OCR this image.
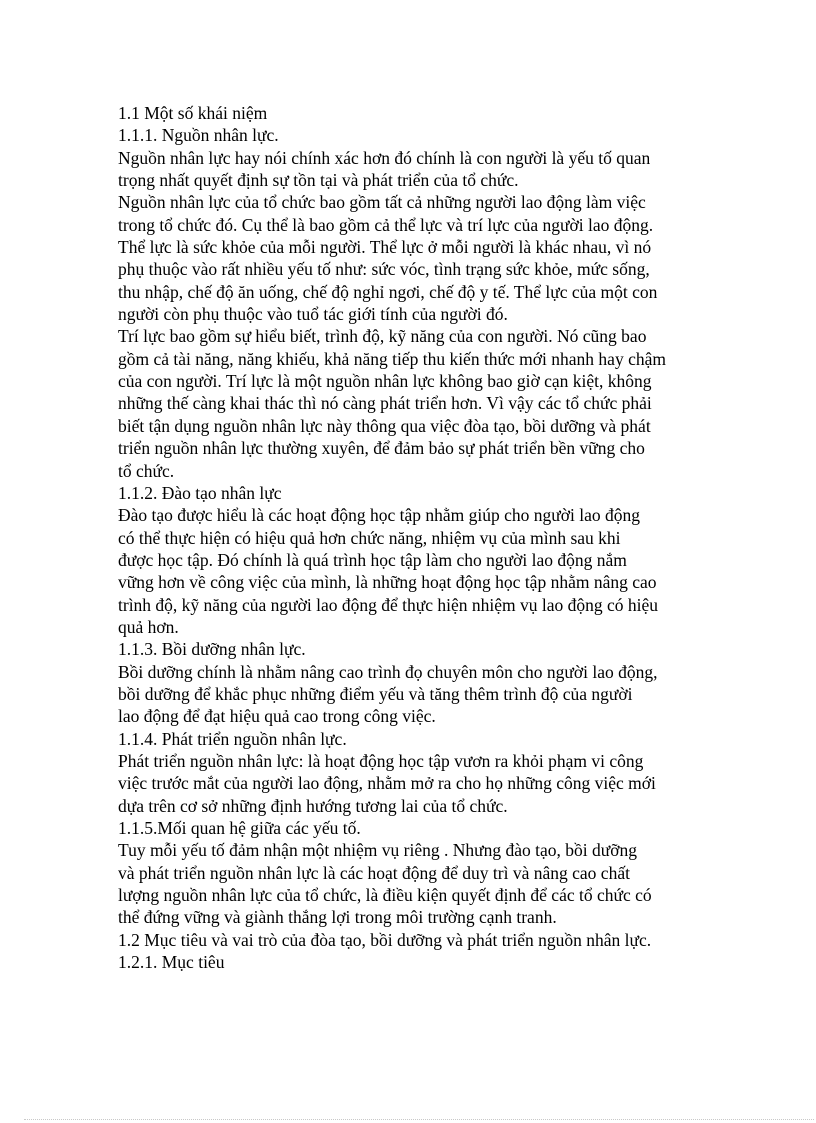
1.1 Một số khái niệm

1.1.1. Nguồn nhân lực.

Nguồn nhân lực hay nói chính xác hơn đó chính là con người là yếu tố quan

trọng nhất quyết định sự tồn tại và phát triển của tổ chức.

Nguồn nhân lực của tổ chức bao gồm tất cả những người lao động làm việc

trong tổ chức đó. Cụ thể là bao gồm cả thể lực và trí lực của người lao động.

Thể lực là sức khỏe của mỗi người. Thể lực ở mỗi người là khác nhau, vì nó

phụ thuộc vào rất nhiều yếu tố như: sức vóc, tình trạng sức khỏe, mức sống,

thu nhập, chế độ ăn uống, chế độ nghỉ ngơi, chế độ y tế. Thể lực của một con

người còn phụ thuộc vào tuổ tác giới tính của người đó.

Trí lực bao gồm sự hiểu biết, trình độ, kỹ năng của con người. Nó cũng bao

gồm cả tài năng, năng khiếu, khả năng tiếp thu kiến thức mới nhanh hay chậm

của con người. Trí lực là một nguồn nhân lực không bao giờ cạn kiệt, không

những thế càng khai thác thì nó càng phát triển hơn. Vì vậy các tổ chức phải

biết tận dụng nguồn nhân lực này thông qua việc đòa tạo, bồi dưỡng và phát

triển nguồn nhân lực thường xuyên, để đảm bảo sự phát triển bền vững cho

tổ chức.

1.1.2. Đào tạo nhân lực

Đào tạo được hiểu là các hoạt động học tập nhằm giúp cho người lao động

có thể thực hiện có hiệu quả hơn chức năng, nhiệm vụ của mình sau khi

được học tập. Đó chính là quá trình học tập làm cho người lao động nắm

vững hơn về công việc của mình, là những hoạt động học tập nhằm nâng cao

trình độ, kỹ năng của người lao động để thực hiện nhiệm vụ lao động có hiệu

quả hơn.

1.1.3. Bồi dưỡng nhân lực.

Bồi dưỡng chính là nhằm nâng cao trình đọ chuyên môn cho người lao động,

bồi dưỡng để khắc phục những điểm yếu và tăng thêm trình độ của người

lao động để đạt hiệu quả cao trong công việc.

1.1.4. Phát triển nguồn nhân lực.

Phát triển nguồn nhân lực: là hoạt động học tập vươn ra khỏi phạm vi công

việc trước mắt của người lao động, nhằm mở ra cho họ những công việc mới

dựa trên cơ sở những định hướng tương lai của tổ chức.

1.1.5.Mối quan hệ giữa các yếu tố.

Tuy mỗi yếu tố đảm nhận một nhiệm vụ riêng . Nhưng đào tạo, bồi dưỡng

và phát triển nguồn nhân lực là các hoạt động để duy trì và nâng cao chất

lượng nguồn nhân lực của tổ chức, là điều kiện quyết định để các tổ chức có

thể đứng vững và giành thắng lợi trong môi trường cạnh tranh.

1.2 Mục tiêu và vai trò của đòa tạo, bồi dưỡng và phát triển nguồn nhân lực.

1.2.1. Mục tiêu
